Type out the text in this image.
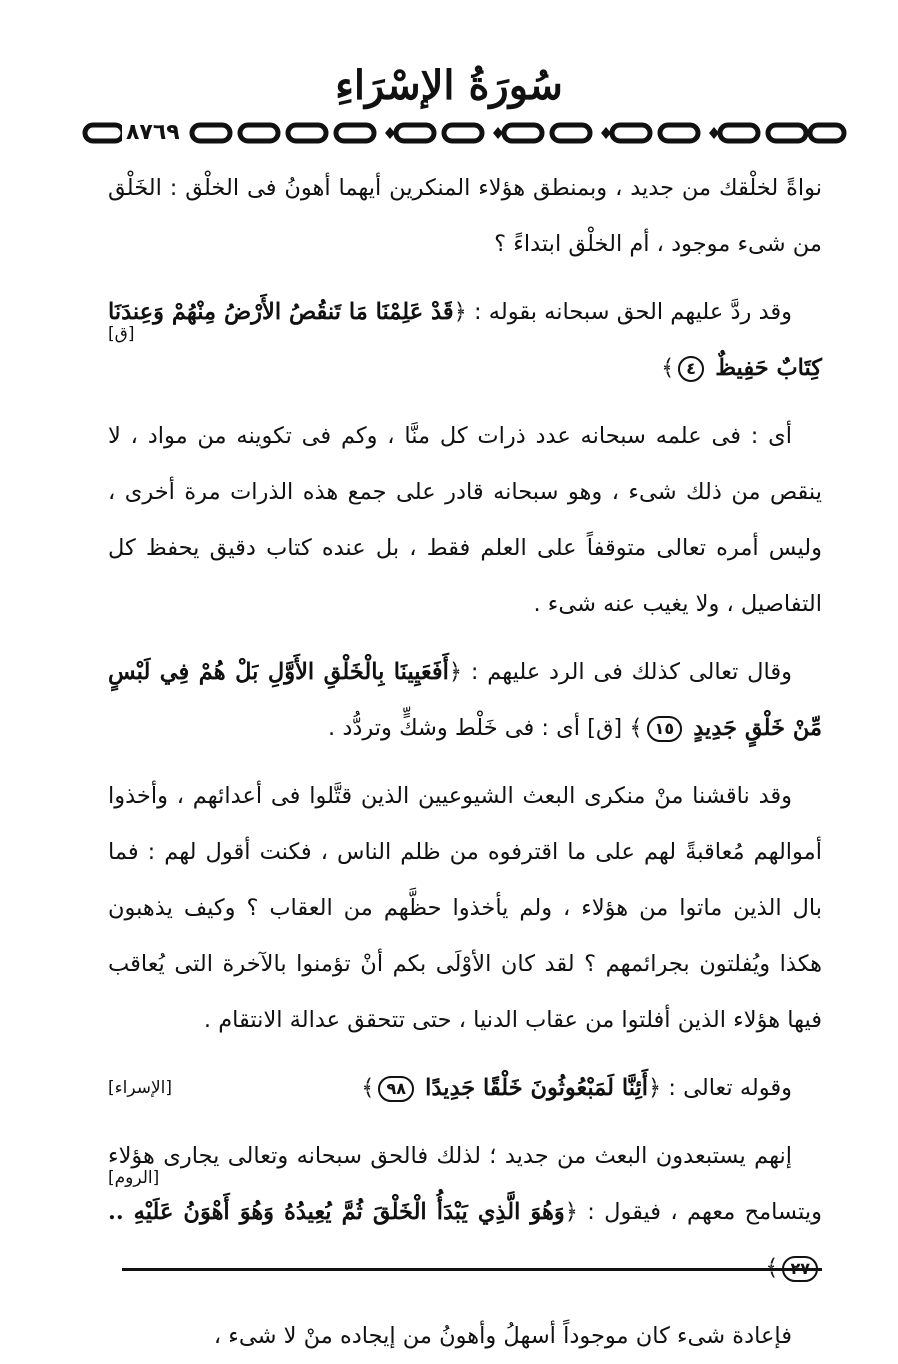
سُورَةُ الإسْرَاءِ
٨٧٦٩

نواةً لخلْقك من جديد ، وبمنطق هؤلاء المنكرين أيهما أهونُ فى الخلْق : الخَلْق من شىء موجود ، أم الخلْق ابتداءً ؟

وقد ردَّ عليهم الحق سبحانه بقوله : ﴿قَدْ عَلِمْنَا مَا تَنقُصُ الأَرْضُ مِنْهُمْ وَعِندَنَا كِتَابٌ حَفِيظٌ ٤﴾
[ق]

أى : فى علمه سبحانه عدد ذرات كل منَّا ، وكم فى تكوينه من مواد ، لا ينقص من ذلك شىء ، وهو سبحانه قادر على جمع هذه الذرات مرة أخرى ، وليس أمره تعالى متوقفاً على العلم فقط ، بل عنده كتاب دقيق يحفظ كل التفاصيل ، ولا يغيب عنه شىء .

وقال تعالى كذلك فى الرد عليهم : ﴿أَفَعَيِينَا بِالْخَلْقِ الأَوَّلِ بَلْ هُمْ فِي لَبْسٍ مِّنْ خَلْقٍ جَدِيدٍ ١٥﴾ [ق] أى : فى خَلْط وشكٍّ وتردُّد .

وقد ناقشنا منْ منكرى البعث الشيوعيين الذين قتَّلوا فى أعدائهم ، وأخذوا أموالهم مُعاقبةً لهم على ما اقترفوه من ظلم الناس ، فكنت أقول لهم : فما بال الذين ماتوا من هؤلاء ، ولم يأخذوا حظَّهم من العقاب ؟ وكيف يذهبون هكذا ويُفلتون بجرائمهم ؟ لقد كان الأوْلَى بكم أنْ تؤمنوا بالآخرة التى يُعاقب فيها هؤلاء الذين أفلتوا من عقاب الدنيا ، حتى تتحقق عدالة الانتقام .

وقوله تعالى : ﴿أَئِنَّا لَمَبْعُوثُونَ خَلْقًا جَدِيدًا ٩٨﴾
[الإسراء]

إنهم يستبعدون البعث من جديد ؛ لذلك فالحق سبحانه وتعالى يجارى هؤلاء ويتسامح معهم ، فيقول : ﴿وَهُوَ الَّذِي يَبْدَأُ الْخَلْقَ ثُمَّ يُعِيدُهُ وَهُوَ أَهْوَنُ عَلَيْهِ ..
[الروم]

فإعادة شىء كان موجوداً أسهلُ وأهونُ من إيجاده منْ لا شىء ،
